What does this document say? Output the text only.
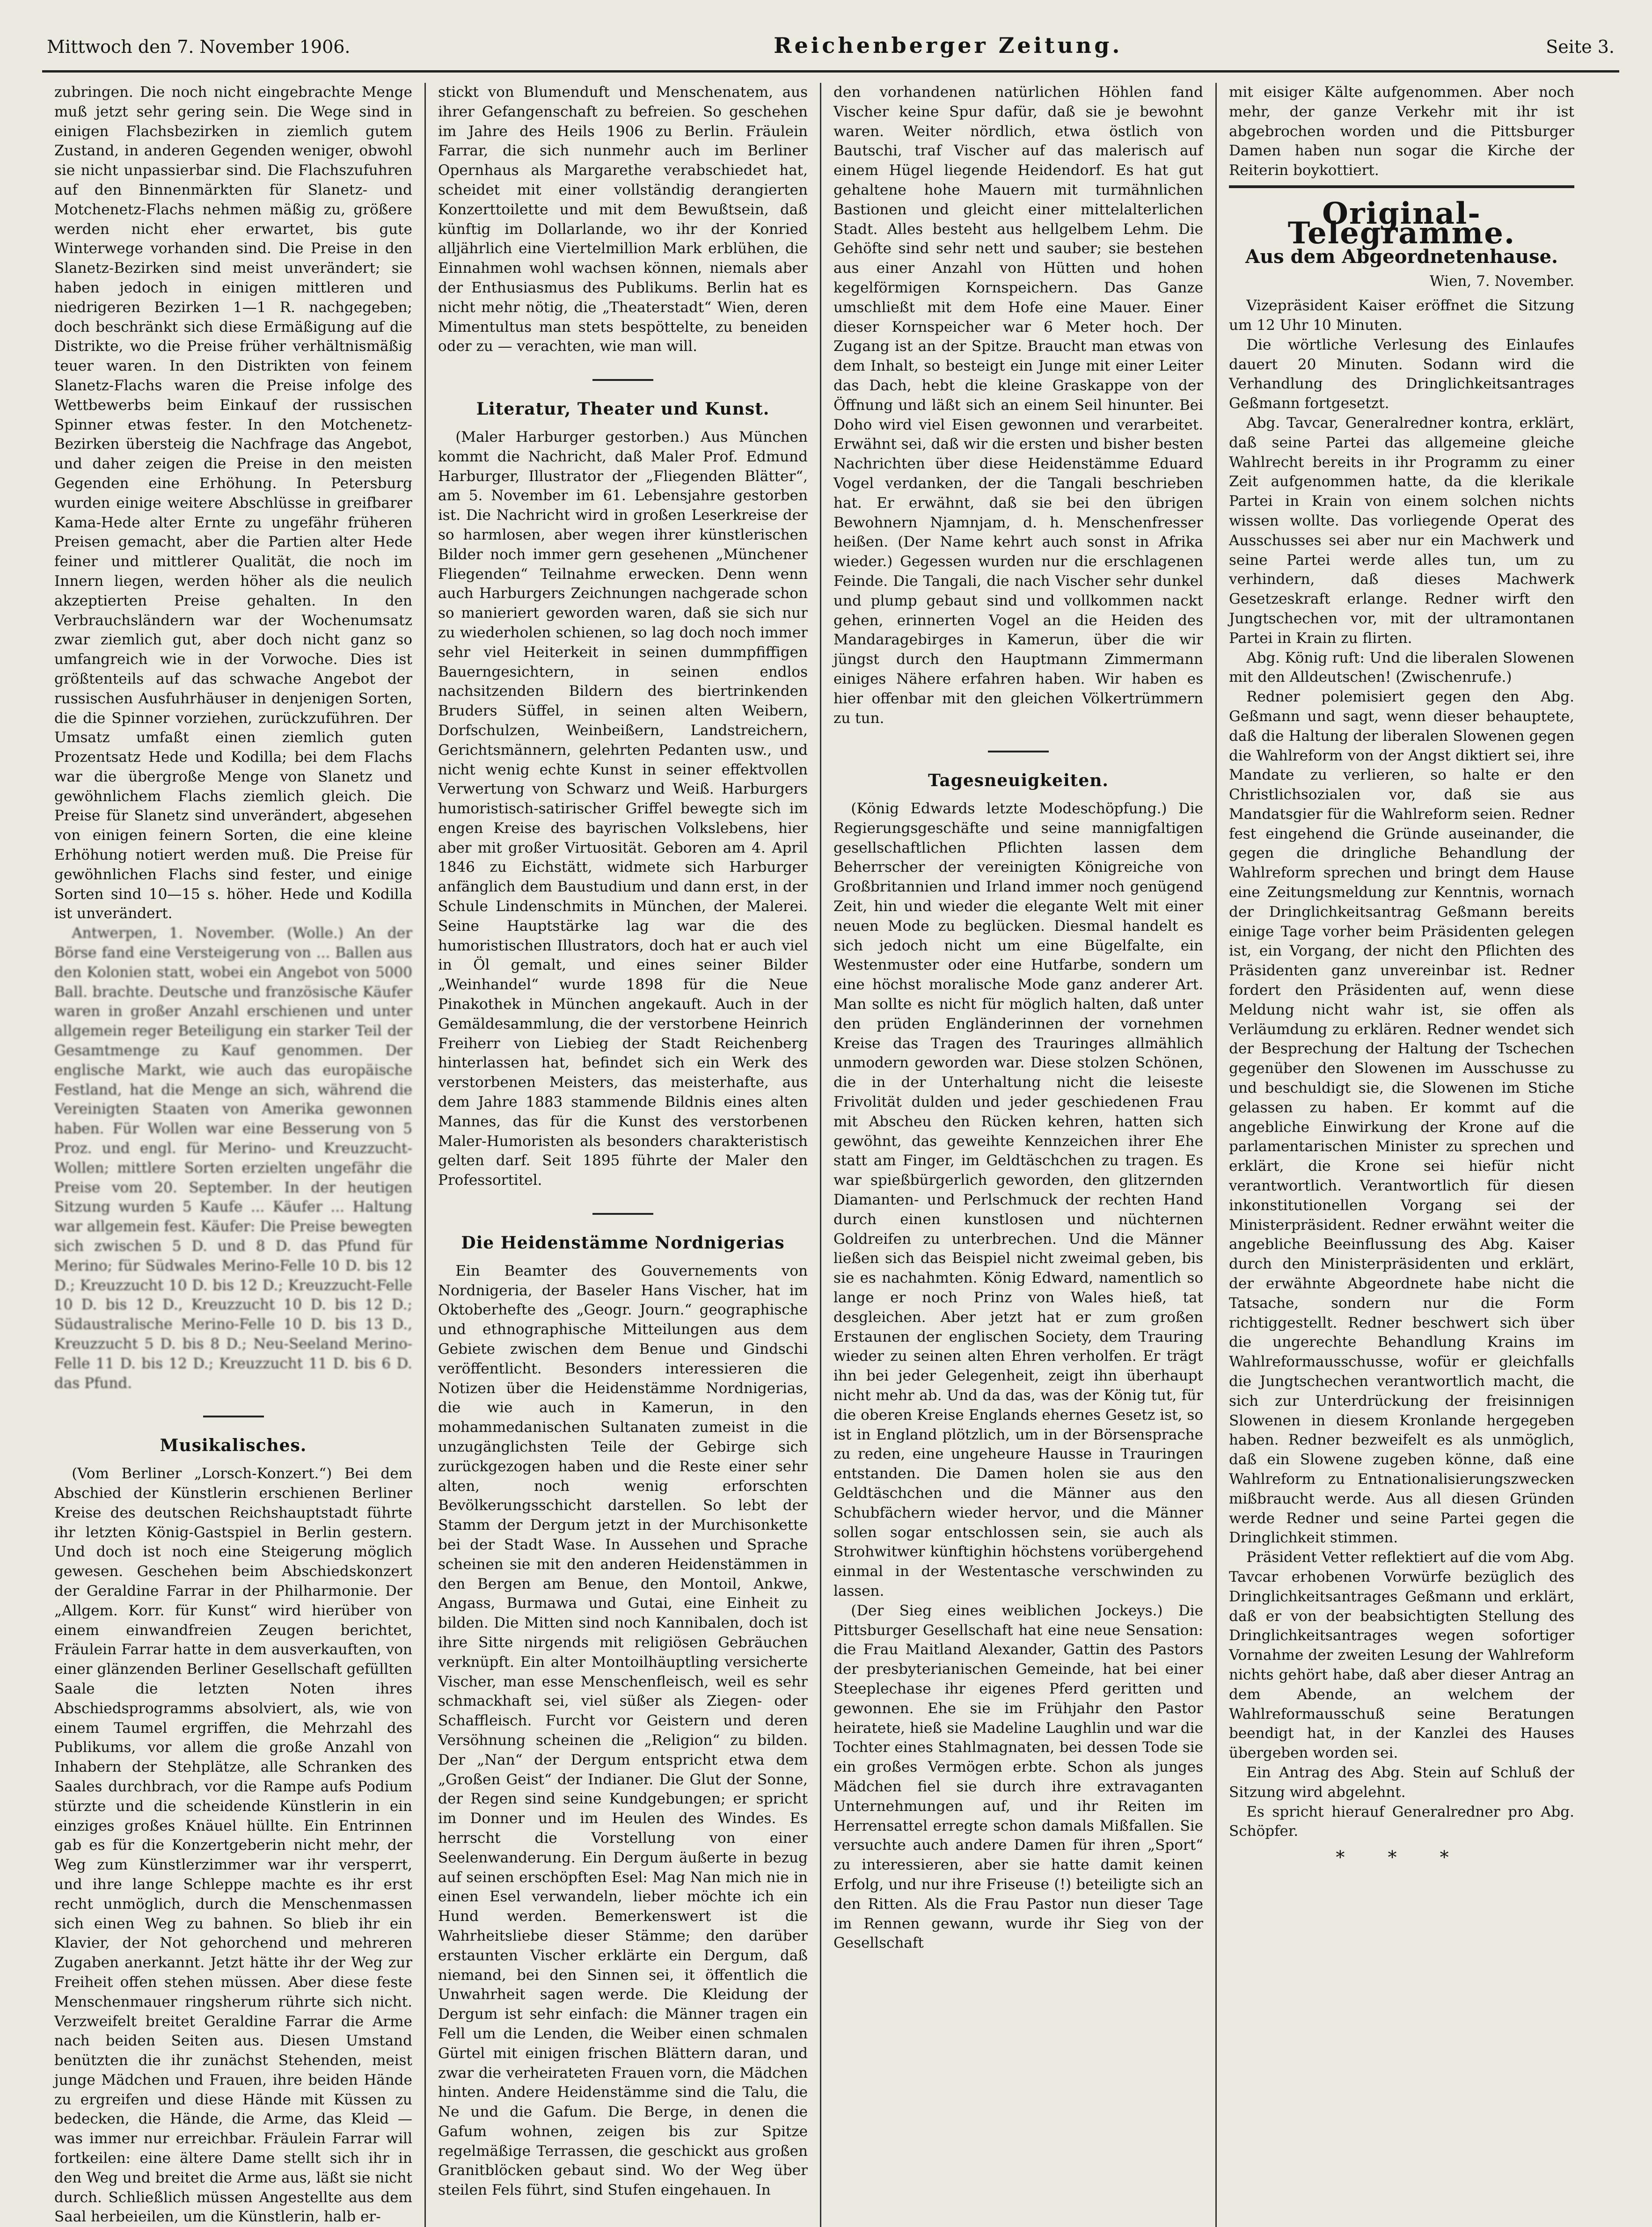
Mittwoch den 7. November 1906.	Reichenberger Zeitung.	Seite 3.

zubringen. Die noch nicht eingebrachte Menge muß jetzt sehr gering sein. Die Wege sind in einigen Flachsbezirken in ziemlich gutem Zustand, in anderen Gegenden weniger, obwohl sie nicht unpassierbar sind. Die Flachszufuhren auf den Binnenmärkten für Slanetz- und Motchenetz-Flachs nehmen mäßig zu, größere werden nicht eher erwartet, bis gute Winterwege vorhanden sind. Die Preise in den Slanetz-Bezirken sind meist unverändert; sie haben jedoch in einigen mittleren und niedrigeren Bezirken 1—1 R. nachgegeben; doch beschränkt sich diese Ermäßigung auf die Distrikte, wo die Preise früher verhältnismäßig teuer waren. In den Distrikten von feinem Slanetz-Flachs waren die Preise infolge des Wettbewerbs beim Einkauf der russischen Spinner etwas fester. In den Motchenetz-Bezirken übersteig die Nachfrage das Angebot, und daher zeigen die Preise in den meisten Gegenden eine Erhöhung. In Petersburg wurden einige weitere Abschlüsse in greifbarer Kama-Hede alter Ernte zu ungefähr früheren Preisen gemacht, aber die Partien alter Hede feiner und mittlerer Qualität, die noch im Innern liegen, werden höher als die neulich akzeptierten Preise gehalten. In den Verbrauchsländern war der Wochenumsatz zwar ziemlich gut, aber doch nicht ganz so umfangreich wie in der Vorwoche. Dies ist größtenteils auf das schwache Angebot der russischen Ausfuhrhäuser in denjenigen Sorten, die die Spinner vorziehen, zurückzuführen. Der Umsatz umfaßt einen ziemlich guten Prozentsatz Hede und Kodilla; bei dem Flachs war die übergroße Menge von Slanetz und gewöhnlichem Flachs ziemlich gleich. Die Preise für Slanetz sind unverändert, abgesehen von einigen feinern Sorten, die eine kleine Erhöhung notiert werden muß. Die Preise für gewöhnlichen Flachs sind fester, und einige Sorten sind 10—15 s. höher. Hede und Kodilla ist unverändert.

Antwerpen, 1. November. (Wolle.) An der Börse fand eine Versteigerung von ... Ballen aus den Kolonien statt, wobei ein Angebot von 5000 Ball. brachte. Deutsche und französische Käufer waren in großer Anzahl erschienen und unter allgemein reger Beteiligung ein starker Teil der Gesamtmenge zu Kauf genommen. Der englische Markt, wie auch das europäische Festland, hat die Menge an sich, während die Vereinigten Staaten von Amerika gewonnen haben. Für Wollen war eine Besserung von 5 Proz. und engl. für Merino- und Kreuzzucht-Wollen; mittlere Sorten erzielten ungefähr die Preise vom 20. September. In der heutigen Sitzung wurden 5 Kaufe ... Käufer ... Haltung war allgemein fest. Käufer: Die Preise bewegten sich zwischen 5 D. und 8 D. das Pfund für Merino; für Südwales Merino-Felle 10 D. bis 12 D.; Kreuzzucht 10 D. bis 12 D.; Kreuzzucht-Felle 10 D. bis 12 D., Kreuzzucht 10 D. bis 12 D.; Südaustralische Merino-Felle 10 D. bis 13 D., Kreuzzucht 5 D. bis 8 D.; Neu-Seeland Merino-Felle 11 D. bis 12 D.; Kreuzzucht 11 D. bis 6 D. das Pfund.

Musikalisches.

(Vom Berliner „Lorsch-Konzert.“) Bei dem Abschied der Künstlerin erschienen Berliner Kreise des deutschen Reichshauptstadt führte ihr letzten König-Gastspiel in Berlin gestern. Und doch ist noch eine Steigerung möglich gewesen. Geschehen beim Abschiedskonzert der Geraldine Farrar in der Philharmonie. Der „Allgem. Korr. für Kunst“ wird hierüber von einem einwandfreien Zeugen berichtet, Fräulein Farrar hatte in dem ausverkauften, von einer glänzenden Berliner Gesellschaft gefüllten Saale die letzten Noten ihres Abschiedsprogramms absolviert, als, wie von einem Taumel ergriffen, die Mehrzahl des Publikums, vor allem die große Anzahl von Inhabern der Stehplätze, alle Schranken des Saales durchbrach, vor die Rampe aufs Podium stürzte und die scheidende Künstlerin in ein einziges großes Knäuel hüllte. Ein Entrinnen gab es für die Konzertgeberin nicht mehr, der Weg zum Künstlerzimmer war ihr versperrt, und ihre lange Schleppe machte es ihr erst recht unmöglich, durch die Menschenmassen sich einen Weg zu bahnen. So blieb ihr ein Klavier, der Not gehorchend und mehreren Zugaben anerkannt. Jetzt hätte ihr der Weg zur Freiheit offen stehen müssen. Aber diese feste Menschenmauer ringsherum rührte sich nicht. Verzweifelt breitet Geraldine Farrar die Arme nach beiden Seiten aus. Diesen Umstand benützten die ihr zunächst Stehenden, meist junge Mädchen und Frauen, ihre beiden Hände zu ergreifen und diese Hände mit Küssen zu bedecken, die Hände, die Arme, das Kleid — was immer nur erreichbar. Fräulein Farrar will fortkeilen: eine ältere Dame stellt sich ihr in den Weg und breitet die Arme aus, läßt sie nicht durch. Schließlich müssen Angestellte aus dem Saal herbeieilen, um die Künstlerin, halb er-

stickt von Blumenduft und Menschenatem, aus ihrer Gefangenschaft zu befreien. So geschehen im Jahre des Heils 1906 zu Berlin. Fräulein Farrar, die sich nunmehr auch im Berliner Opernhaus als Margarethe verabschiedet hat, scheidet mit einer vollständig derangierten Konzerttoilette und mit dem Bewußtsein, daß künftig im Dollarlande, wo ihr der Konried alljährlich eine Viertelmillion Mark erblühen, die Einnahmen wohl wachsen können, niemals aber der Enthusiasmus des Publikums. Berlin hat es nicht mehr nötig, die „Theaterstadt“ Wien, deren Mimentultus man stets bespöttelte, zu beneiden oder zu — verachten, wie man will.

Literatur, Theater und Kunst.

(Maler Harburger gestorben.) Aus München kommt die Nachricht, daß Maler Prof. Edmund Harburger, Illustrator der „Fliegenden Blätter“, am 5. November im 61. Lebensjahre gestorben ist. Die Nachricht wird in großen Leserkreise der so harmlosen, aber wegen ihrer künstlerischen Bilder noch immer gern gesehenen „Münchener Fliegenden“ Teilnahme erwecken. Denn wenn auch Harburgers Zeichnungen nachgerade schon so manieriert geworden waren, daß sie sich nur zu wiederholen schienen, so lag doch noch immer sehr viel Heiterkeit in seinen dummpfiffigen Bauerngesichtern, in seinen endlos nachsitzenden Bildern des biertrinkenden Bruders Süffel, in seinen alten Weibern, Dorfschulzen, Weinbeißern, Landstreichern, Gerichtsmännern, gelehrten Pedanten usw., und nicht wenig echte Kunst in seiner effektvollen Verwertung von Schwarz und Weiß. Harburgers humoristisch-satirischer Griffel bewegte sich im engen Kreise des bayrischen Volkslebens, hier aber mit großer Virtuosität. Geboren am 4. April 1846 zu Eichstätt, widmete sich Harburger anfänglich dem Baustudium und dann erst, in der Schule Lindenschmits in München, der Malerei. Seine Hauptstärke lag war die des humoristischen Illustrators, doch hat er auch viel in Öl gemalt, und eines seiner Bilder „Weinhandel“ wurde 1898 für die Neue Pinakothek in München angekauft. Auch in der Gemäldesammlung, die der verstorbene Heinrich Freiherr von Liebieg der Stadt Reichenberg hinterlassen hat, befindet sich ein Werk des verstorbenen Meisters, das meisterhafte, aus dem Jahre 1883 stammende Bildnis eines alten Mannes, das für die Kunst des verstorbenen Maler-Humoristen als besonders charakteristisch gelten darf. Seit 1895 führte der Maler den Professortitel.

Die Heidenstämme Nordnigerias

Ein Beamter des Gouvernements von Nordnigeria, der Baseler Hans Vischer, hat im Oktoberhefte des „Geogr. Journ.“ geographische und ethnographische Mitteilungen aus dem Gebiete zwischen dem Benue und Gindschi veröffentlicht. Besonders interessieren die Notizen über die Heidenstämme Nordnigerias, die wie auch in Kamerun, in den mohammedanischen Sultanaten zumeist in die unzugänglichsten Teile der Gebirge sich zurückgezogen haben und die Reste einer sehr alten, noch wenig erforschten Bevölkerungsschicht darstellen. So lebt der Stamm der Dergum jetzt in der Murchisonkette bei der Stadt Wase. In Aussehen und Sprache scheinen sie mit den anderen Heidenstämmen in den Bergen am Benue, den Montoil, Ankwe, Angass, Burmawa und Gutai, eine Einheit zu bilden. Die Mitten sind noch Kannibalen, doch ist ihre Sitte nirgends mit religiösen Gebräuchen verknüpft. Ein alter Montoilhäuptling versicherte Vischer, man esse Menschenfleisch, weil es sehr schmackhaft sei, viel süßer als Ziegen- oder Schaffleisch. Furcht vor Geistern und deren Versöhnung scheinen die „Religion“ zu bilden. Der „Nan“ der Dergum entspricht etwa dem „Großen Geist“ der Indianer. Die Glut der Sonne, der Regen sind seine Kundgebungen; er spricht im Donner und im Heulen des Windes. Es herrscht die Vorstellung von einer Seelenwanderung. Ein Dergum äußerte in bezug auf seinen erschöpften Esel: Mag Nan mich nie in einen Esel verwandeln, lieber möchte ich ein Hund werden. Bemerkenswert ist die Wahrheitsliebe dieser Stämme; den darüber erstaunten Vischer erklärte ein Dergum, daß niemand, bei den Sinnen sei, it öffentlich die Unwahrheit sagen werde. Die Kleidung der Dergum ist sehr einfach: die Männer tragen ein Fell um die Lenden, die Weiber einen schmalen Gürtel mit einigen frischen Blättern daran, und zwar die verheirateten Frauen vorn, die Mädchen hinten. Andere Heidenstämme sind die Talu, die Ne und die Gafum. Die Berge, in denen die Gafum wohnen, zeigen bis zur Spitze regelmäßige Terrassen, die geschickt aus großen Granitblöcken gebaut sind. Wo der Weg über steilen Fels führt, sind Stufen eingehauen. In

den vorhandenen natürlichen Höhlen fand Vischer keine Spur dafür, daß sie je bewohnt waren. Weiter nördlich, etwa östlich von Bautschi, traf Vischer auf das malerisch auf einem Hügel liegende Heidendorf. Es hat gut gehaltene hohe Mauern mit turmähnlichen Bastionen und gleicht einer mittelalterlichen Stadt. Alles besteht aus hellgelbem Lehm. Die Gehöfte sind sehr nett und sauber; sie bestehen aus einer Anzahl von Hütten und hohen kegelförmigen Kornspeichern. Das Ganze umschließt mit dem Hofe eine Mauer. Einer dieser Kornspeicher war 6 Meter hoch. Der Zugang ist an der Spitze. Braucht man etwas von dem Inhalt, so besteigt ein Junge mit einer Leiter das Dach, hebt die kleine Graskappe von der Öffnung und läßt sich an einem Seil hinunter. Bei Doho wird viel Eisen gewonnen und verarbeitet. Erwähnt sei, daß wir die ersten und bisher besten Nachrichten über diese Heidenstämme Eduard Vogel verdanken, der die Tangali beschrieben hat. Er erwähnt, daß sie bei den übrigen Bewohnern Njamnjam, d. h. Menschenfresser heißen. (Der Name kehrt auch sonst in Afrika wieder.) Gegessen wurden nur die erschlagenen Feinde. Die Tangali, die nach Vischer sehr dunkel und plump gebaut sind und vollkommen nackt gehen, erinnerten Vogel an die Heiden des Mandaragebirges in Kamerun, über die wir jüngst durch den Hauptmann Zimmermann einiges Nähere erfahren haben. Wir haben es hier offenbar mit den gleichen Völkertrümmern zu tun.

Tagesneuigkeiten.

(König Edwards letzte Modeschöpfung.) Die Regierungsgeschäfte und seine mannigfaltigen gesellschaftlichen Pflichten lassen dem Beherrscher der vereinigten Königreiche von Großbritannien und Irland immer noch genügend Zeit, hin und wieder die elegante Welt mit einer neuen Mode zu beglücken. Diesmal handelt es sich jedoch nicht um eine Bügelfalte, ein Westenmuster oder eine Hutfarbe, sondern um eine höchst moralische Mode ganz anderer Art. Man sollte es nicht für möglich halten, daß unter den prüden Engländerinnen der vornehmen Kreise das Tragen des Trauringes allmählich unmodern geworden war. Diese stolzen Schönen, die in der Unterhaltung nicht die leiseste Frivolität dulden und jeder geschiedenen Frau mit Abscheu den Rücken kehren, hatten sich gewöhnt, das geweihte Kennzeichen ihrer Ehe statt am Finger, im Geldtäschchen zu tragen. Es war spießbürgerlich geworden, den glitzernden Diamanten- und Perlschmuck der rechten Hand durch einen kunstlosen und nüchternen Goldreifen zu unterbrechen. Und die Männer ließen sich das Beispiel nicht zweimal geben, bis sie es nachahmten. König Edward, namentlich so lange er noch Prinz von Wales hieß, tat desgleichen. Aber jetzt hat er zum großen Erstaunen der englischen Society, dem Trauring wieder zu seinen alten Ehren verholfen. Er trägt ihn bei jeder Gelegenheit, zeigt ihn überhaupt nicht mehr ab. Und da das, was der König tut, für die oberen Kreise Englands ehernes Gesetz ist, so ist in England plötzlich, um in der Börsensprache zu reden, eine ungeheure Hausse in Trauringen entstanden. Die Damen holen sie aus den Geldtäschchen und die Männer aus den Schubfächern wieder hervor, und die Männer sollen sogar entschlossen sein, sie auch als Strohwitwer künftighin höchstens vorübergehend einmal in der Westentasche verschwinden zu lassen.

(Der Sieg eines weiblichen Jockeys.) Die Pittsburger Gesellschaft hat eine neue Sensation: die Frau Maitland Alexander, Gattin des Pastors der presbyterianischen Gemeinde, hat bei einer Steeplechase ihr eigenes Pferd geritten und gewonnen. Ehe sie im Frühjahr den Pastor heiratete, hieß sie Madeline Laughlin und war die Tochter eines Stahlmagnaten, bei dessen Tode sie ein großes Vermögen erbte. Schon als junges Mädchen fiel sie durch ihre extravaganten Unternehmungen auf, und ihr Reiten im Herrensattel erregte schon damals Mißfallen. Sie versuchte auch andere Damen für ihren „Sport“ zu interessieren, aber sie hatte damit keinen Erfolg, und nur ihre Friseuse (!) beteiligte sich an den Ritten. Als die Frau Pastor nun dieser Tage im Rennen gewann, wurde ihr Sieg von der Gesellschaft

mit eisiger Kälte aufgenommen. Aber noch mehr, der ganze Verkehr mit ihr ist abgebrochen worden und die Pittsburger Damen haben nun sogar die Kirche der Reiterin boykottiert.

Original-Telegramme.
Aus dem Abgeordnetenhause.
Wien, 7. November.

Vizepräsident Kaiser eröffnet die Sitzung um 12 Uhr 10 Minuten.

Die wörtliche Verlesung des Einlaufes dauert 20 Minuten. Sodann wird die Verhandlung des Dringlichkeitsantrages Geßmann fortgesetzt.

Abg. Tavcar, Generalredner kontra, erklärt, daß seine Partei das allgemeine gleiche Wahlrecht bereits in ihr Programm zu einer Zeit aufgenommen hatte, da die klerikale Partei in Krain von einem solchen nichts wissen wollte. Das vorliegende Operat des Ausschusses sei aber nur ein Machwerk und seine Partei werde alles tun, um zu verhindern, daß dieses Machwerk Gesetzeskraft erlange. Redner wirft den Jungtschechen vor, mit der ultramontanen Partei in Krain zu flirten.

Abg. König ruft: Und die liberalen Slowenen mit den Alldeutschen! (Zwischenrufe.)

Redner polemisiert gegen den Abg. Geßmann und sagt, wenn dieser behauptete, daß die Haltung der liberalen Slowenen gegen die Wahlreform von der Angst diktiert sei, ihre Mandate zu verlieren, so halte er den Christlichsozialen vor, daß sie aus Mandatsgier für die Wahlreform seien. Redner fest eingehend die Gründe auseinander, die gegen die dringliche Behandlung der Wahlreform sprechen und bringt dem Hause eine Zeitungsmeldung zur Kenntnis, wornach der Dringlichkeitsantrag Geßmann bereits einige Tage vorher beim Präsidenten gelegen ist, ein Vorgang, der nicht den Pflichten des Präsidenten ganz unvereinbar ist. Redner fordert den Präsidenten auf, wenn diese Meldung nicht wahr ist, sie offen als Verläumdung zu erklären. Redner wendet sich der Besprechung der Haltung der Tschechen gegenüber den Slowenen im Ausschusse zu und beschuldigt sie, die Slowenen im Stiche gelassen zu haben. Er kommt auf die angebliche Einwirkung der Krone auf die parlamentarischen Minister zu sprechen und erklärt, die Krone sei hiefür nicht verantwortlich. Verantwortlich für diesen inkonstitutionellen Vorgang sei der Ministerpräsident. Redner erwähnt weiter die angebliche Beeinflussung des Abg. Kaiser durch den Ministerpräsidenten und erklärt, der erwähnte Abgeordnete habe nicht die Tatsache, sondern nur die Form richtiggestellt. Redner beschwert sich über die ungerechte Behandlung Krains im Wahlreformausschusse, wofür er gleichfalls die Jungtschechen verantwortlich macht, die sich zur Unterdrückung der freisinnigen Slowenen in diesem Kronlande hergegeben haben. Redner bezweifelt es als unmöglich, daß ein Slowene zugeben könne, daß eine Wahlreform zu Entnationalisierungszwecken mißbraucht werde. Aus all diesen Gründen werde Redner und seine Partei gegen die Dringlichkeit stimmen.

Präsident Vetter reflektiert auf die vom Abg. Tavcar erhobenen Vorwürfe bezüglich des Dringlichkeitsantrages Geßmann und erklärt, daß er von der beabsichtigten Stellung des Dringlichkeitsantrages wegen sofortiger Vornahme der zweiten Lesung der Wahlreform nichts gehört habe, daß aber dieser Antrag an dem Abende, an welchem der Wahlreformausschuß seine Beratungen beendigt hat, in der Kanzlei des Hauses übergeben worden sei.

Ein Antrag des Abg. Stein auf Schluß der Sitzung wird abgelehnt.

Es spricht hierauf Generalredner pro Abg. Schöpfer.

* * *
